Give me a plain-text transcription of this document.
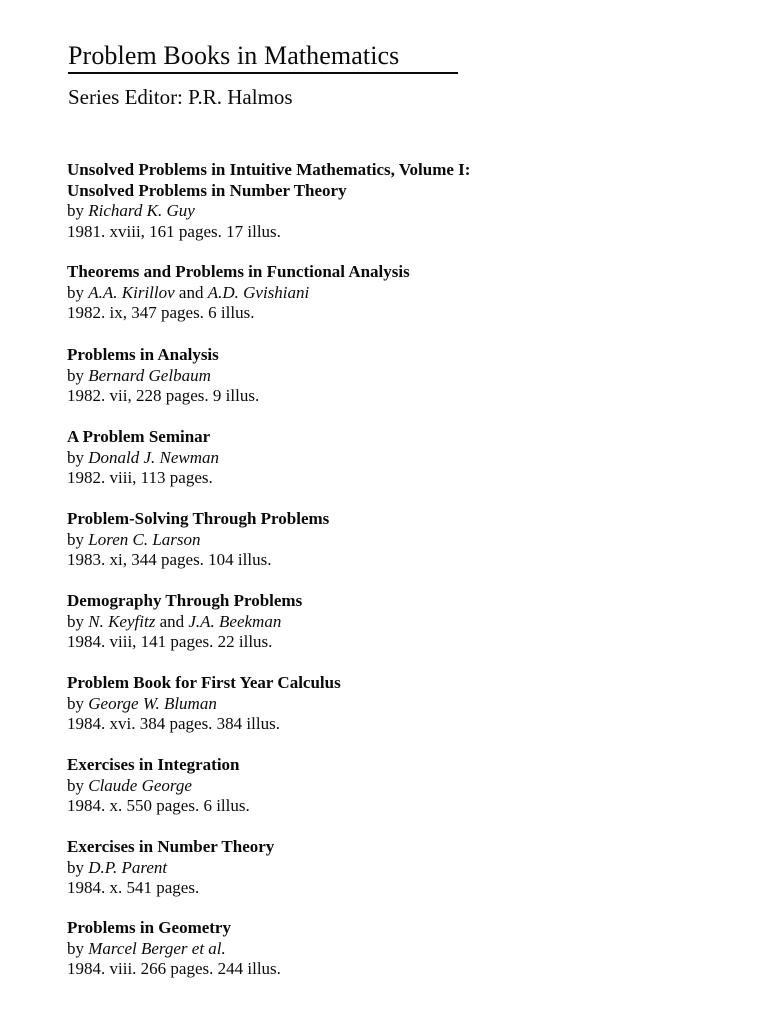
Problem Books in Mathematics
Series Editor: P.R. Halmos
Unsolved Problems in Intuitive Mathematics, Volume I:
Unsolved Problems in Number Theory
by Richard K. Guy
1981. xviii, 161 pages. 17 illus.
Theorems and Problems in Functional Analysis
by A.A. Kirillov and A.D. Gvishiani
1982. ix, 347 pages. 6 illus.
Problems in Analysis
by Bernard Gelbaum
1982. vii, 228 pages. 9 illus.
A Problem Seminar
by Donald J. Newman
1982. viii, 113 pages.
Problem-Solving Through Problems
by Loren C. Larson
1983. xi, 344 pages. 104 illus.
Demography Through Problems
by N. Keyfitz and J.A. Beekman
1984. viii, 141 pages. 22 illus.
Problem Book for First Year Calculus
by George W. Bluman
1984. xvi. 384 pages. 384 illus.
Exercises in Integration
by Claude George
1984. x. 550 pages. 6 illus.
Exercises in Number Theory
by D.P. Parent
1984. x. 541 pages.
Problems in Geometry
by Marcel Berger et al.
1984. viii. 266 pages. 244 illus.
